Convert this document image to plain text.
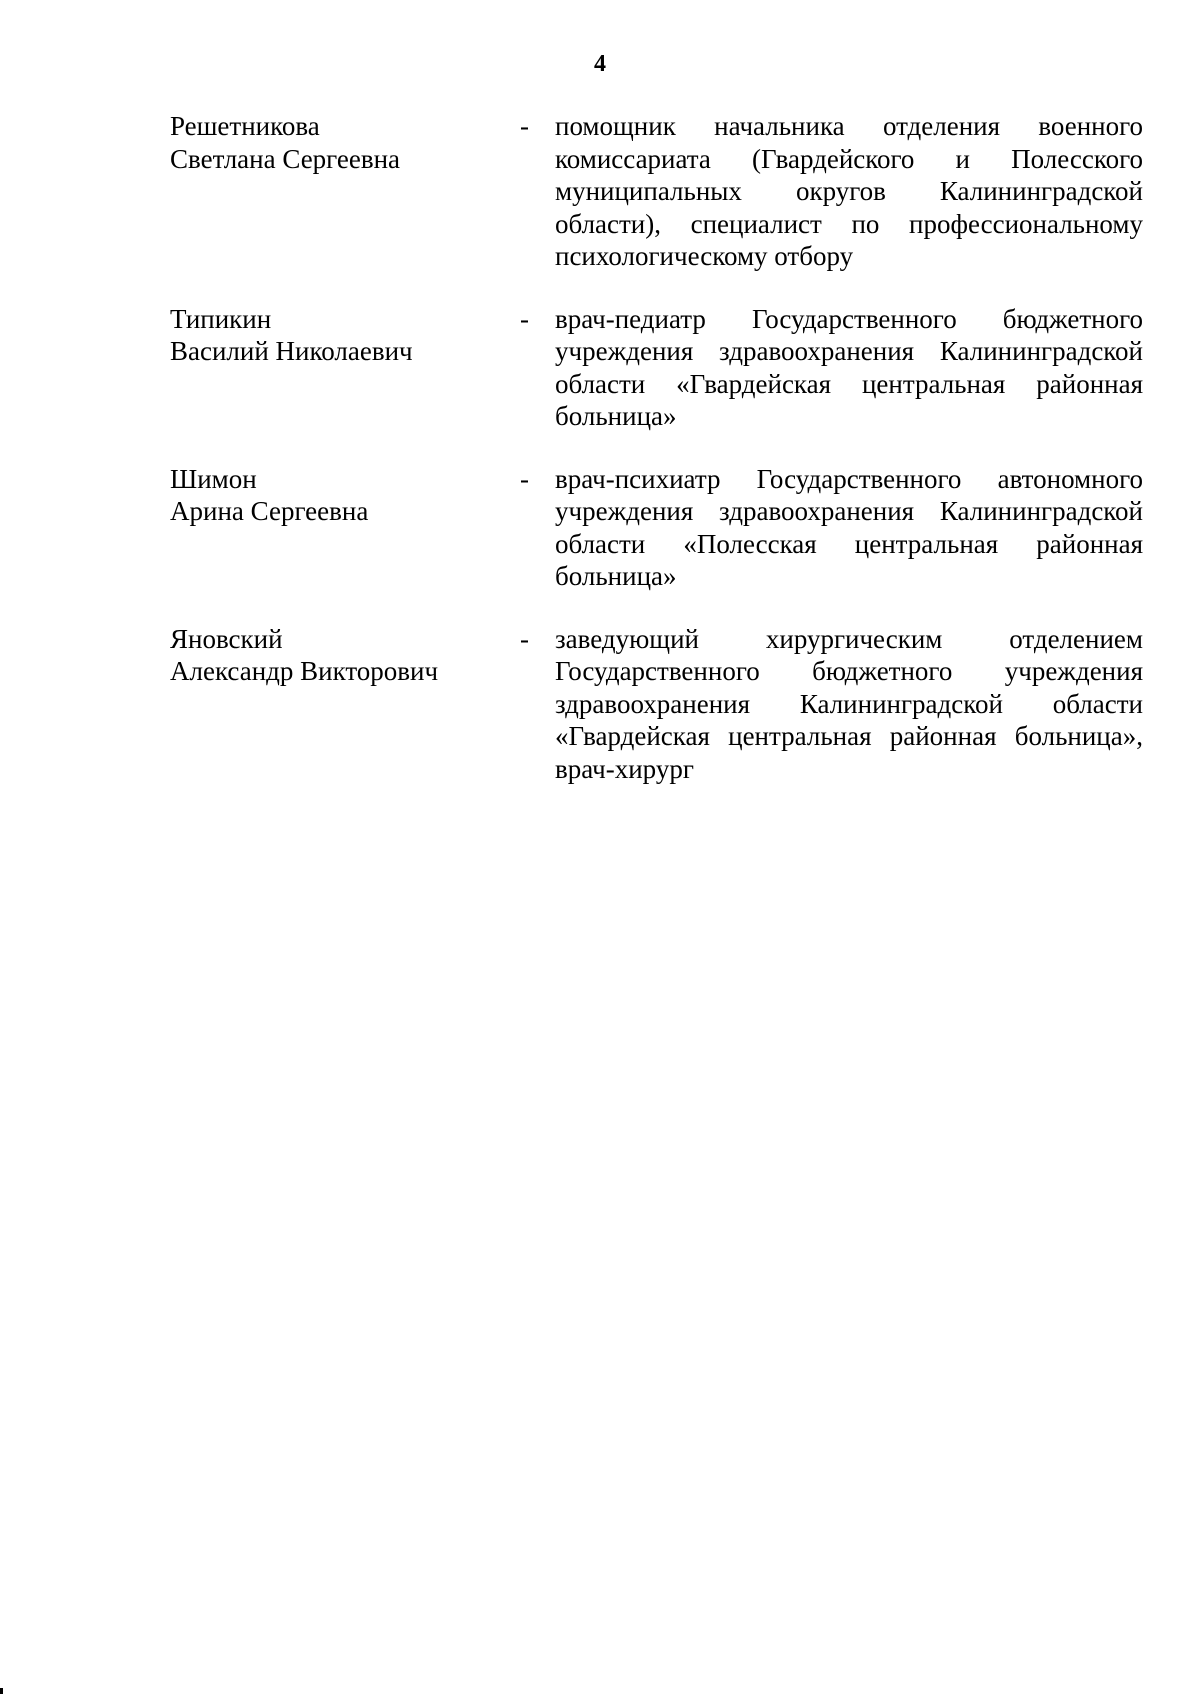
4
Решетникова
Светлана Сергеевна
- помощник начальника отделения военного комиссариата (Гвардейского и Полесского муниципальных округов Калининградской области), специалист по профессиональному психологическому отбору
Типикин
Василий Николаевич
- врач-педиатр Государственного бюджетного учреждения здравоохранения Калининградской области «Гвардейская центральная районная больница»
Шимон
Арина Сергеевна
- врач-психиатр Государственного автономного учреждения здравоохранения Калининградской области «Полесская центральная районная больница»
Яновский
Александр Викторович
- заведующий хирургическим отделением Государственного бюджетного учреждения здравоохранения Калининградской области «Гвардейская центральная районная больница», врач-хирург
